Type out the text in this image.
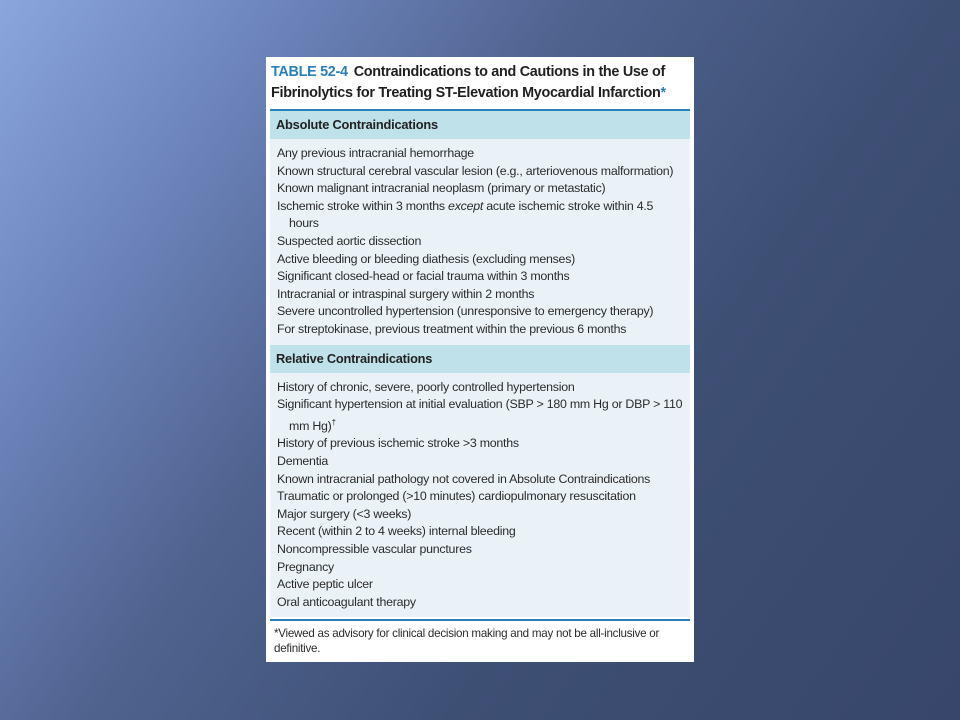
TABLE 52-4 Contraindications to and Cautions in the Use of Fibrinolytics for Treating ST-Elevation Myocardial Infarction*
Absolute Contraindications
Any previous intracranial hemorrhage
Known structural cerebral vascular lesion (e.g., arteriovenous malformation)
Known malignant intracranial neoplasm (primary or metastatic)
Ischemic stroke within 3 months except acute ischemic stroke within 4.5 hours
Suspected aortic dissection
Active bleeding or bleeding diathesis (excluding menses)
Significant closed-head or facial trauma within 3 months
Intracranial or intraspinal surgery within 2 months
Severe uncontrolled hypertension (unresponsive to emergency therapy)
For streptokinase, previous treatment within the previous 6 months
Relative Contraindications
History of chronic, severe, poorly controlled hypertension
Significant hypertension at initial evaluation (SBP > 180 mm Hg or DBP > 110 mm Hg)†
History of previous ischemic stroke >3 months
Dementia
Known intracranial pathology not covered in Absolute Contraindications
Traumatic or prolonged (>10 minutes) cardiopulmonary resuscitation
Major surgery (<3 weeks)
Recent (within 2 to 4 weeks) internal bleeding
Noncompressible vascular punctures
Pregnancy
Active peptic ulcer
Oral anticoagulant therapy
*Viewed as advisory for clinical decision making and may not be all-inclusive or definitive.
